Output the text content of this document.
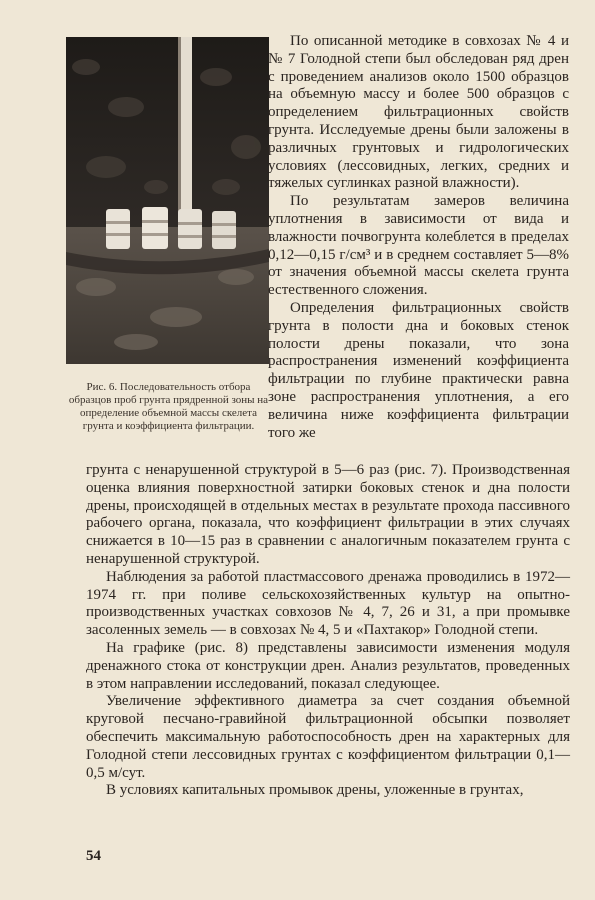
Рис. 6. Последовательность отбора образцов проб грунта прядренной зоны на определение объемной массы скелета грунта и коэффициента фильтрации.

По описанной методике в совхозах № 4 и № 7 Голодной степи был обследован ряд дрен с проведением анализов около 1500 образцов на объемную массу и более 500 образцов с определением фильтрационных свойств грунта. Исследуемые дрены были заложены в различных грунтовых и гидрологических условиях (лессовидных, легких, средних и тяжелых суглинках разной влажности).

По результатам замеров величина уплотнения в зависимости от вида и влажности почвогрунта колеблется в пределах 0,12—0,15 г/см³ и в среднем составляет 5—8% от значения объемной массы скелета грунта естественного сложения.

Определения фильтрационных свойств грунта в полости дна и боковых стенок полости дрены показали, что зона распространения изменений коэффициента фильтрации по глубине практически равна зоне распространения уплотнения, а его величина ниже коэффициента фильтрации того же

грунта с ненарушенной структурой в 5—6 раз (рис. 7). Производственная оценка влияния поверхностной затирки боковых стенок и дна полости дрены, происходящей в отдельных местах в результате прохода пассивного рабочего органа, показала, что коэффициент фильтрации в этих случаях снижается в 10—15 раз в сравнении с аналогичным показателем грунта с ненарушенной структурой.

Наблюдения за работой пластмассового дренажа проводились в 1972—1974 гг. при поливе сельскохозяйственных культур на опытно-производственных участках совхозов № 4, 7, 26 и 31, а при промывке засоленных земель — в совхозах № 4, 5 и «Пахтакор» Голодной степи.

На графике (рис. 8) представлены зависимости изменения модуля дренажного стока от конструкции дрен. Анализ результатов, проведенных в этом направлении исследований, показал следующее.

Увеличение эффективного диаметра за счет создания объемной круговой песчано-гравийной фильтрационной обсыпки позволяет обеспечить максимальную работоспособность дрен на характерных для Голодной степи лессовидных грунтах с коэффициентом фильтрации 0,1—0,5 м/сут.

В условиях капитальных промывок дрены, уложенные в грунтах,

54
